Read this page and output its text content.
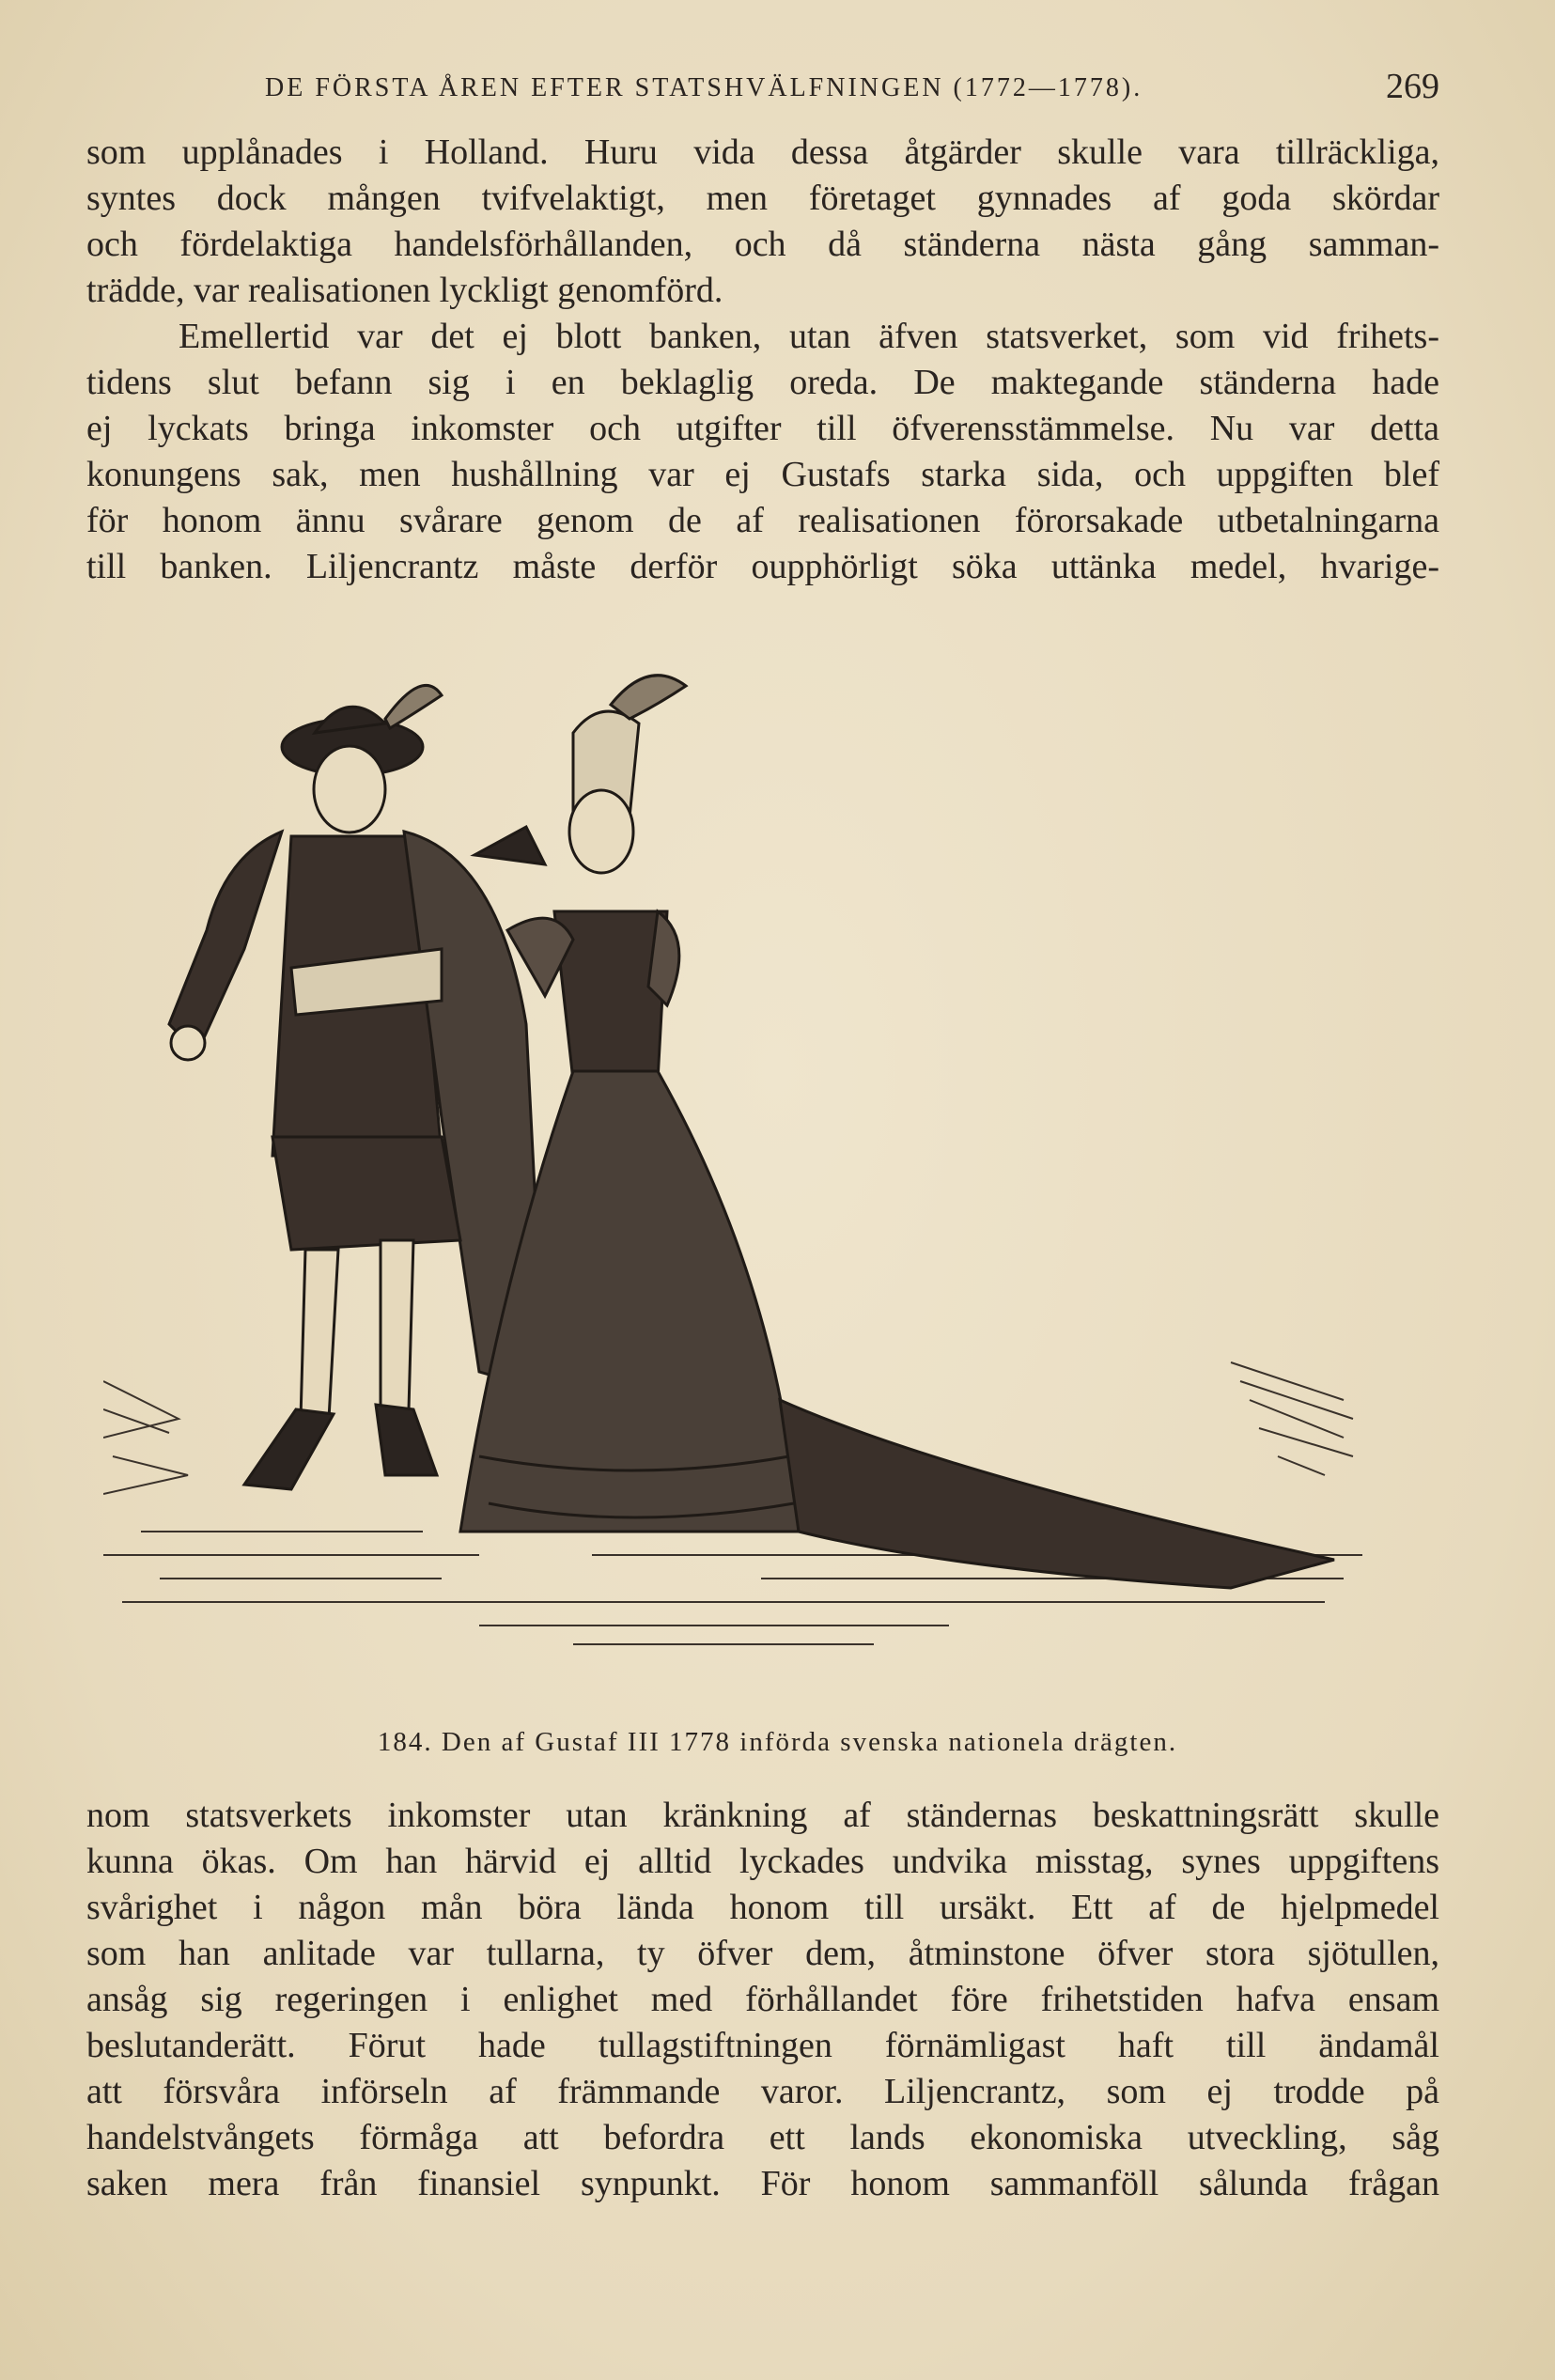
DE FÖRSTA ÅREN EFTER STATSHVÄLFNINGEN (1772—1778).	269
som upplånades i Holland. Huru vida dessa åtgärder skulle vara tillräckliga,
syntes dock mången tvifvelaktigt, men företaget gynnades af goda skördar
och fördelaktiga handelsförhållanden, och då ständerna nästa gång samman-
trädde, var realisationen lyckligt genomförd.
Emellertid var det ej blott banken, utan äfven statsverket, som vid frihets-
tidens slut befann sig i en beklaglig oreda. De maktegande ständerna hade
ej lyckats bringa inkomster och utgifter till öfverensstämmelse. Nu var detta
konungens sak, men hushållning var ej Gustafs starka sida, och uppgiften blef
för honom ännu svårare genom de af realisationen förorsakade utbetalningarna
till banken. Liljencrantz måste derför oupphörligt söka uttänka medel, hvarige-
184. Den af Gustaf III 1778 införda svenska nationela drägten.
nom statsverkets inkomster utan kränkning af ständernas beskattningsrätt skulle
kunna ökas. Om han härvid ej alltid lyckades undvika misstag, synes uppgiftens
svårighet i någon mån böra lända honom till ursäkt. Ett af de hjelpmedel
som han anlitade var tullarna, ty öfver dem, åtminstone öfver stora sjötullen,
ansåg sig regeringen i enlighet med förhållandet före frihetstiden hafva ensam
beslutanderätt. Förut hade tullagstiftningen förnämligast haft till ändamål
att försvåra införseln af främmande varor. Liljencrantz, som ej trodde på
handelstvångets förmåga att befordra ett lands ekonomiska utveckling, såg
saken mera från finansiel synpunkt. För honom sammanföll sålunda frågan
